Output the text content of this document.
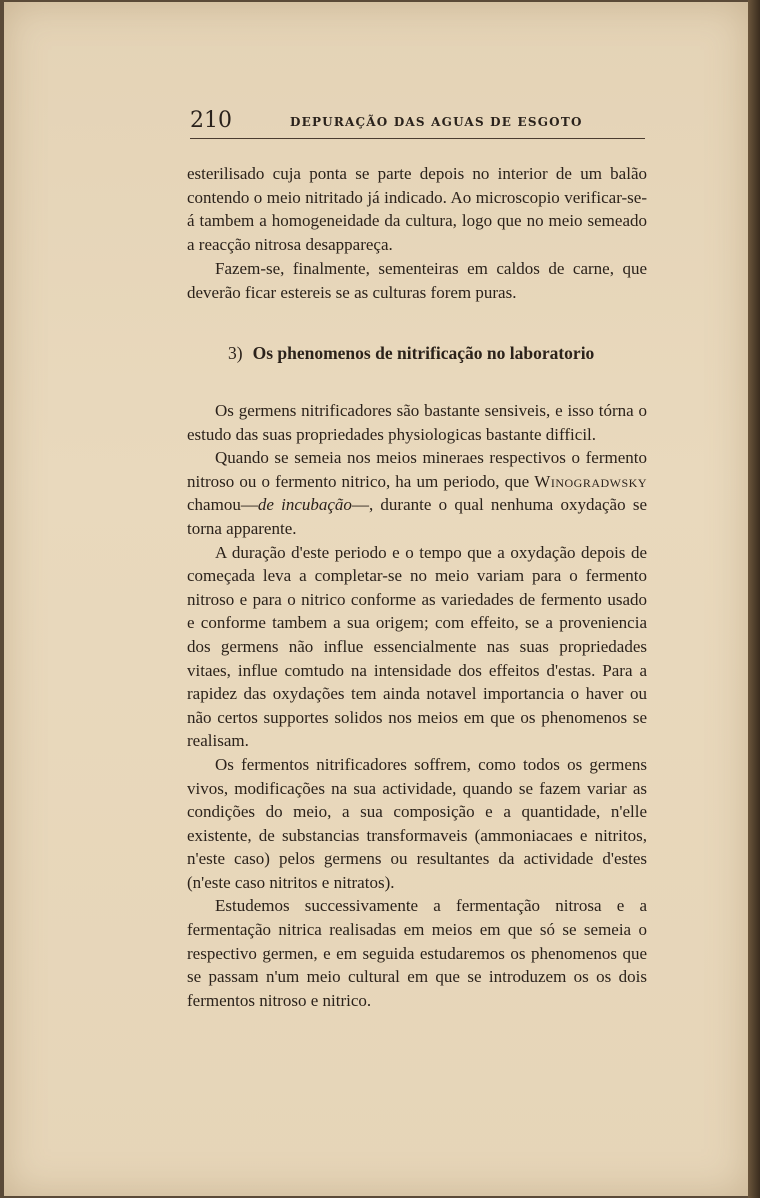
210	DEPURAÇÃO DAS AGUAS DE ESGOTO

esterilisado cuja ponta se parte depois no interior de um balão contendo o meio nitritado já indicado. Ao microscopio verificar-se-á tambem a homogeneidade da cultura, logo que no meio semeado a reacção nitrosa desappareça.

Fazem-se, finalmente, sementeiras em caldos de carne, que deverão ficar estereis se as culturas forem puras.

3) Os phenomenos de nitrificação no laboratorio

Os germens nitrificadores são bastante sensiveis, e isso tórna o estudo das suas propriedades physiologicas bastante difficil.

Quando se semeia nos meios mineraes respectivos o fermento nitroso ou o fermento nitrico, ha um periodo, que Winogradwsky chamou—de incubação—, durante o qual nenhuma oxydação se torna apparente.

A duração d'este periodo e o tempo que a oxydação depois de começada leva a completar-se no meio variam para o fermento nitroso e para o nitrico conforme as variedades de fermento usado e conforme tambem a sua origem; com effeito, se a proveniencia dos germens não influe essencialmente nas suas propriedades vitaes, influe comtudo na intensidade dos effeitos d'estas. Para a rapidez das oxydações tem ainda notavel importancia o haver ou não certos supportes solidos nos meios em que os phenomenos se realisam.

Os fermentos nitrificadores soffrem, como todos os germens vivos, modificações na sua actividade, quando se fazem variar as condições do meio, a sua composição e a quantidade, n'elle existente, de substancias transformaveis (ammoniacaes e nitritos, n'este caso) pelos germens ou resultantes da actividade d'estes (n'este caso nitritos e nitratos).

Estudemos successivamente a fermentação nitrosa e a fermentação nitrica realisadas em meios em que só se semeia o respectivo germen, e em seguida estudaremos os phenomenos que se passam n'um meio cultural em que se introduzem os os dois fermentos nitroso e nitrico.
